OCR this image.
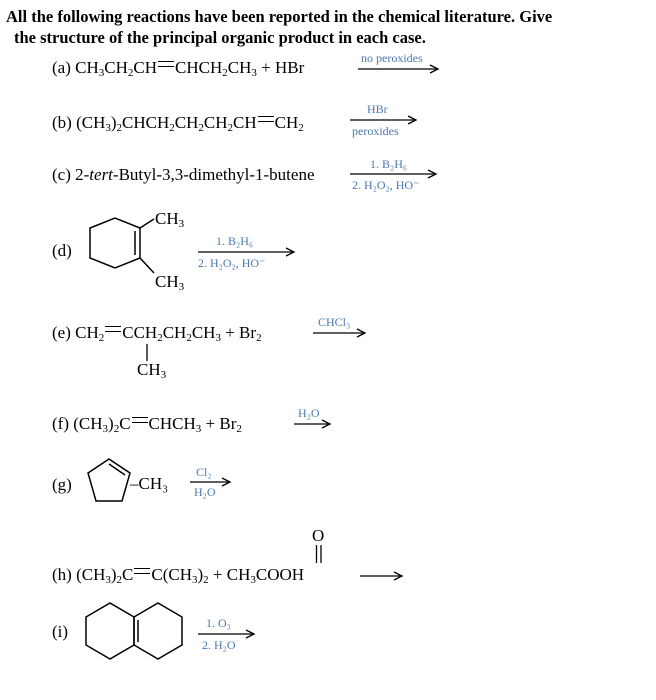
All the following reactions have been reported in the chemical literature. Give
the structure of the principal organic product in each case.
(a) $CH_3CH_2CH$ $CHCH_2CH_3$ + HBr	no peroxides
(b) $(CH_3)_2CHCH_2CH_2CH_2CH$ $CH_2$
HBr
peroxides
(c) 2-tert-Butyl-3,3-dimethyl-1-butene
1. B₂H₆
2. H₂O₂, HO⁻
(d)
$CH_3$
$CH_3$
1. B₂H₆
2. H₂O₂, HO⁻
(e) $CH_2$ $CCH_2CH_2CH_3 + Br_2$
$CH_3$
CHCl₃
(f) $(CH_3)_2C$ $CHCH_3 + Br_2$
H₂O
(g)	–CH₃
Cl₂
H₂O
O
(h) $(CH_3)_2C$ $C(CH_3)_2$ + $CH_3COOH$
(i)	1. O₃
2. H₂O
